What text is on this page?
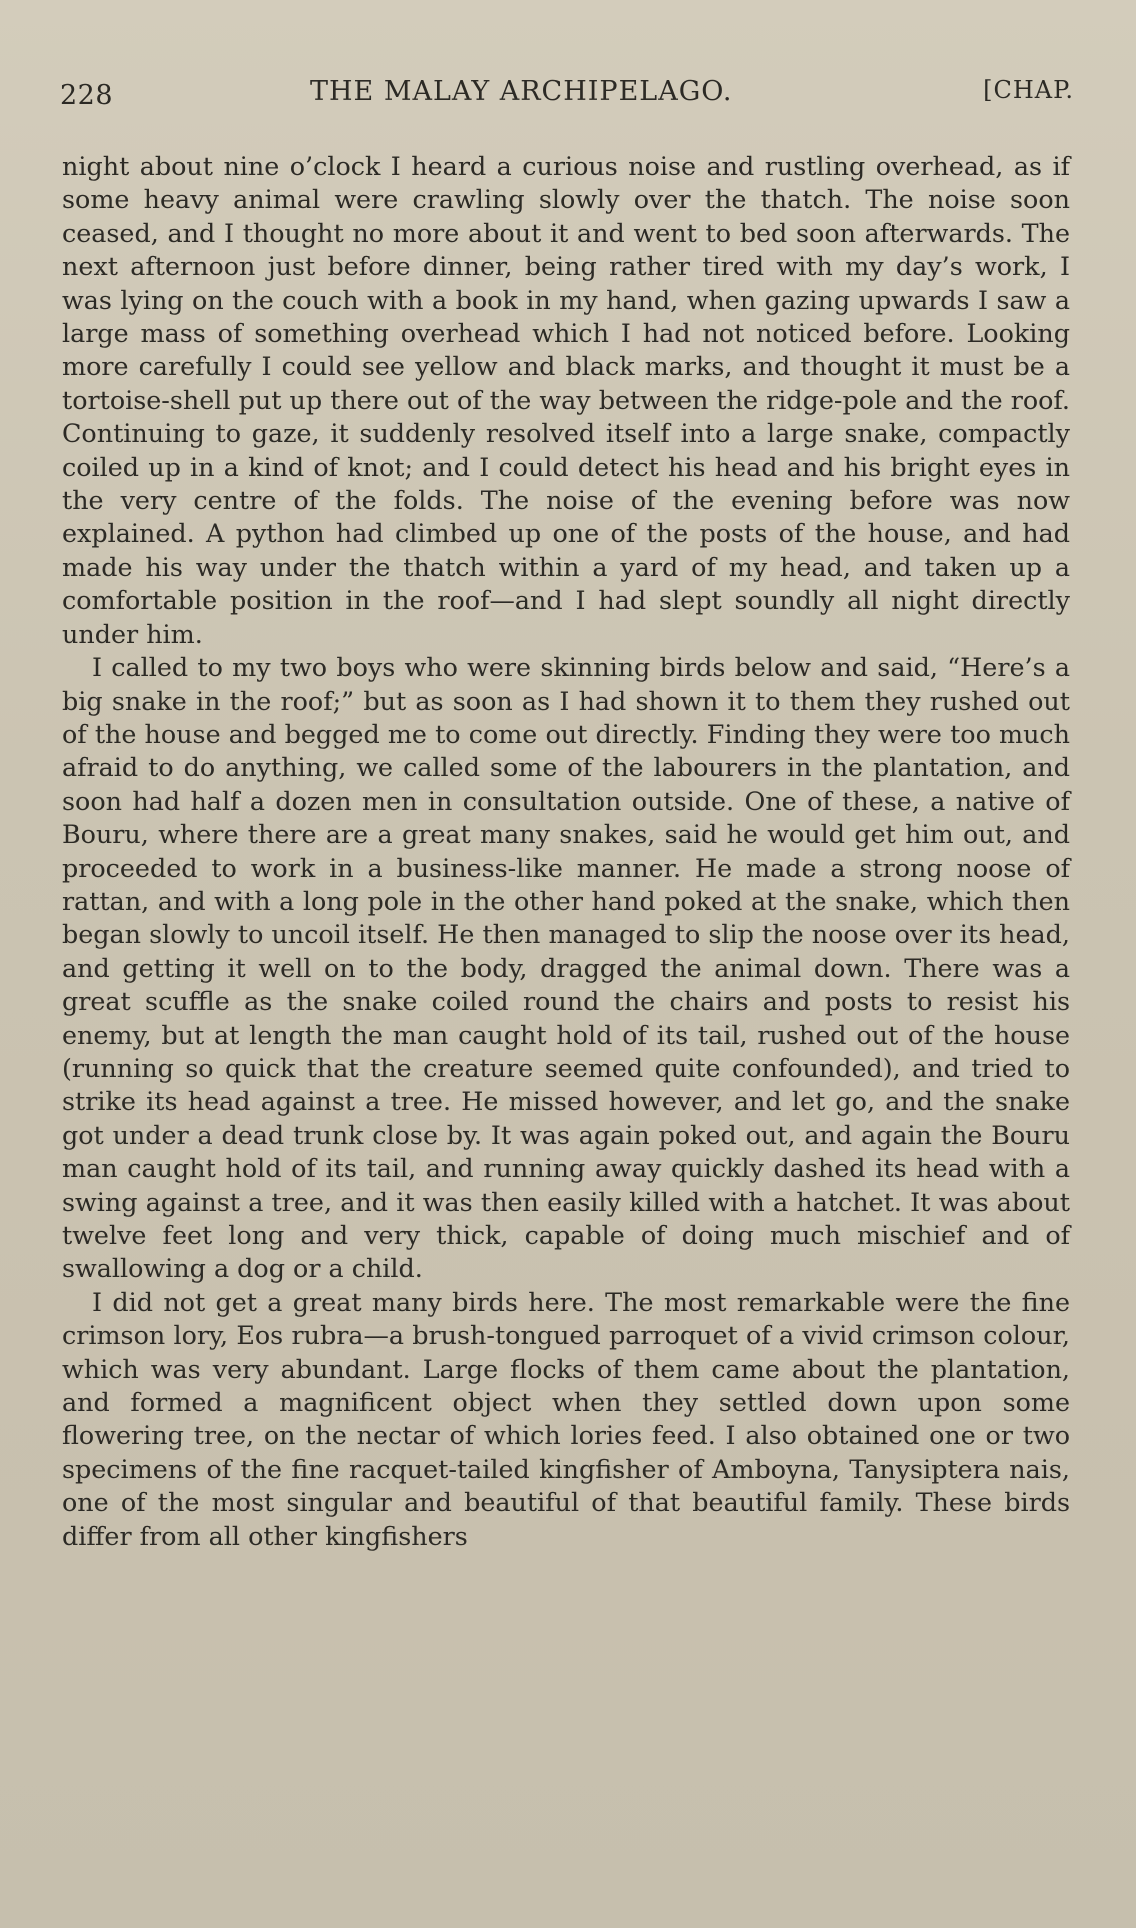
228	THE MALAY ARCHIPELAGO.	[CHAP.

night about nine o’clock I heard a curious noise and rustling overhead, as if some heavy animal were crawling slowly over the thatch. The noise soon ceased, and I thought no more about it and went to bed soon afterwards. The next afternoon just before dinner, being rather tired with my day’s work, I was lying on the couch with a book in my hand, when gazing upwards I saw a large mass of something overhead which I had not noticed before. Looking more carefully I could see yellow and black marks, and thought it must be a tortoise-shell put up there out of the way between the ridge-pole and the roof. Continuing to gaze, it suddenly resolved itself into a large snake, compactly coiled up in a kind of knot; and I could detect his head and his bright eyes in the very centre of the folds. The noise of the evening before was now explained. A python had climbed up one of the posts of the house, and had made his way under the thatch within a yard of my head, and taken up a comfortable position in the roof—and I had slept soundly all night directly under him.

I called to my two boys who were skinning birds below and said, “Here’s a big snake in the roof;” but as soon as I had shown it to them they rushed out of the house and begged me to come out directly. Finding they were too much afraid to do anything, we called some of the labourers in the plantation, and soon had half a dozen men in consultation outside. One of these, a native of Bouru, where there are a great many snakes, said he would get him out, and proceeded to work in a business-like manner. He made a strong noose of rattan, and with a long pole in the other hand poked at the snake, which then began slowly to uncoil itself. He then managed to slip the noose over its head, and getting it well on to the body, dragged the animal down. There was a great scuffle as the snake coiled round the chairs and posts to resist his enemy, but at length the man caught hold of its tail, rushed out of the house (running so quick that the creature seemed quite confounded), and tried to strike its head against a tree. He missed however, and let go, and the snake got under a dead trunk close by. It was again poked out, and again the Bouru man caught hold of its tail, and running away quickly dashed its head with a swing against a tree, and it was then easily killed with a hatchet. It was about twelve feet long and very thick, capable of doing much mischief and of swallowing a dog or a child.

I did not get a great many birds here. The most remarkable were the fine crimson lory, Eos rubra—a brush-tongued parroquet of a vivid crimson colour, which was very abundant. Large flocks of them came about the plantation, and formed a magnificent object when they settled down upon some flowering tree, on the nectar of which lories feed. I also obtained one or two specimens of the fine racquet-tailed kingfisher of Amboyna, Tanysiptera nais, one of the most singular and beautiful of that beautiful family. These birds differ from all other kingfishers
